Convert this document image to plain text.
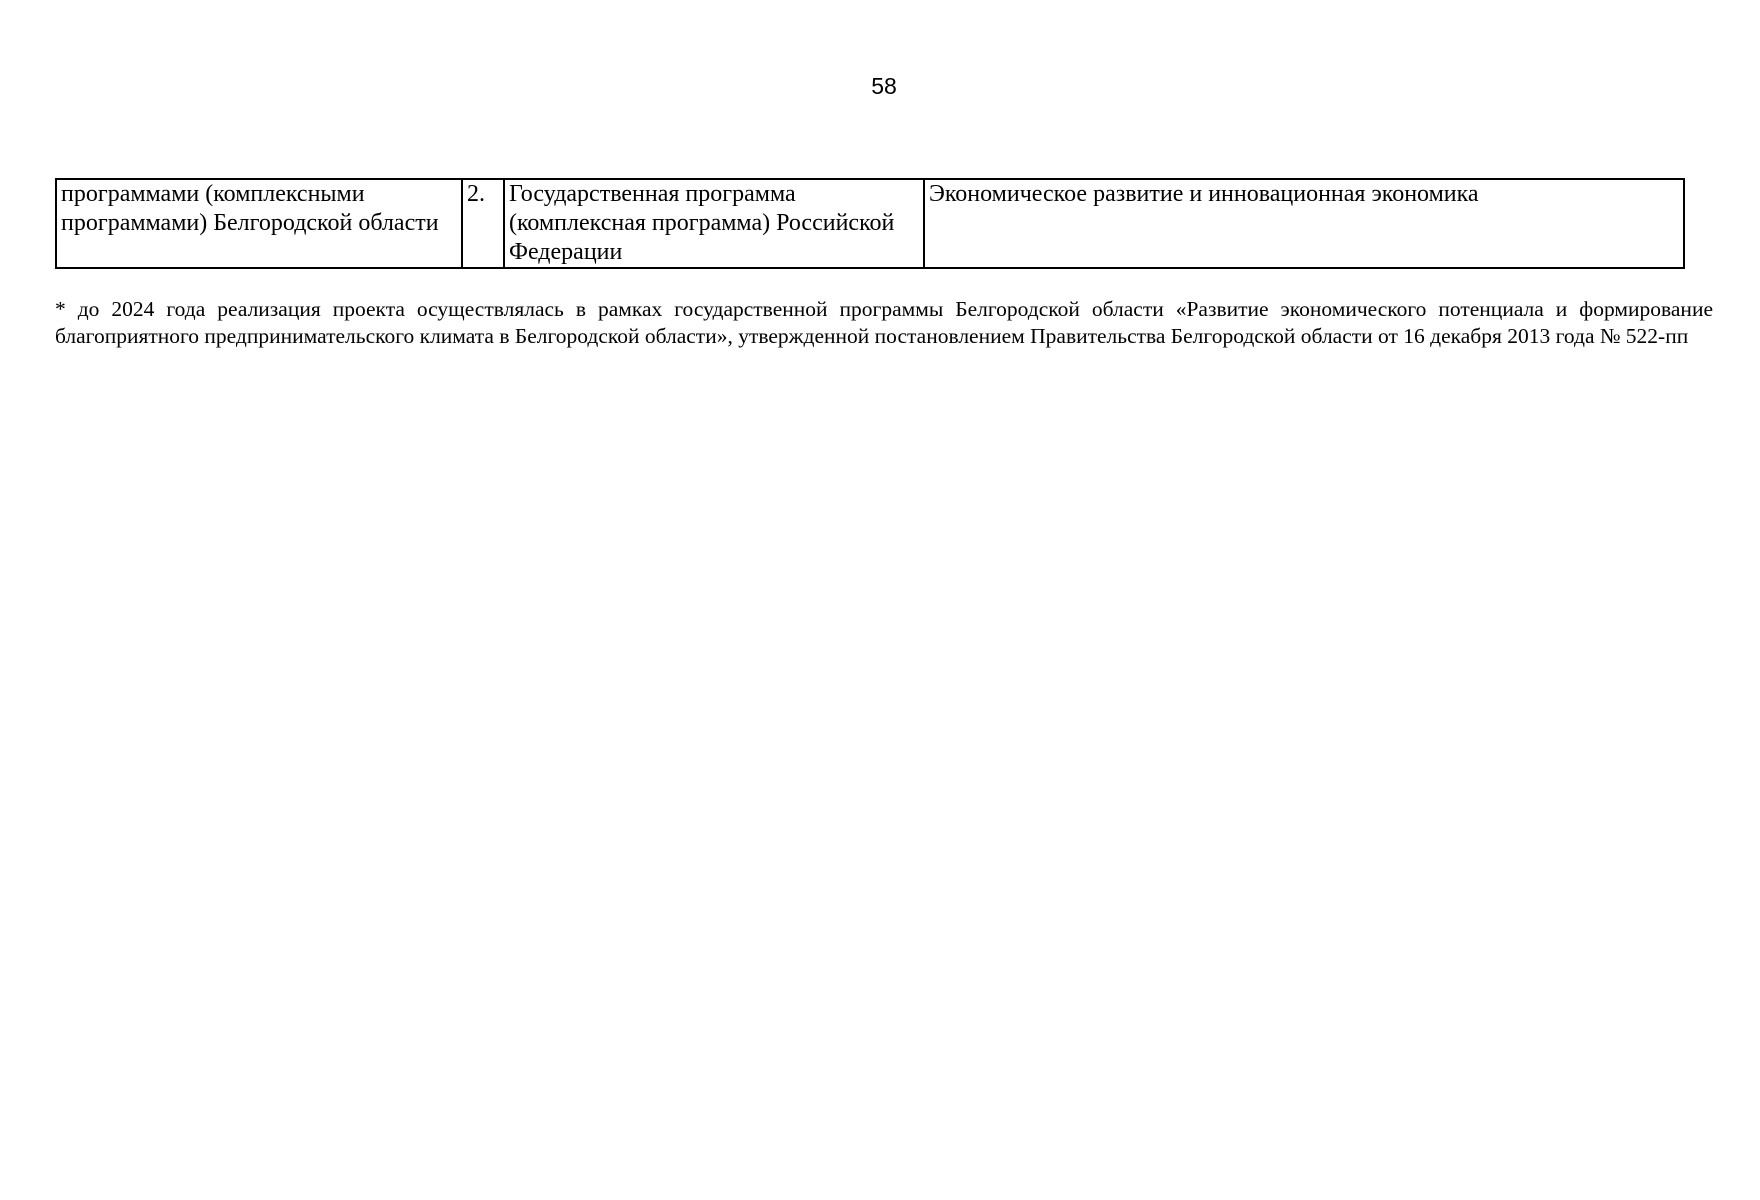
58
программами (комплексными программами) Белгородской области	2.	Государственная программа (комплексная программа) Российской Федерации	Экономическое развитие и инновационная экономика
* до 2024 года реализация проекта осуществлялась в рамках государственной программы Белгородской области «Развитие экономического потенциала и формирование благоприятного предпринимательского климата в Белгородской области», утвержденной постановлением Правительства Белгородской области от 16 декабря 2013 года № 522-пп
